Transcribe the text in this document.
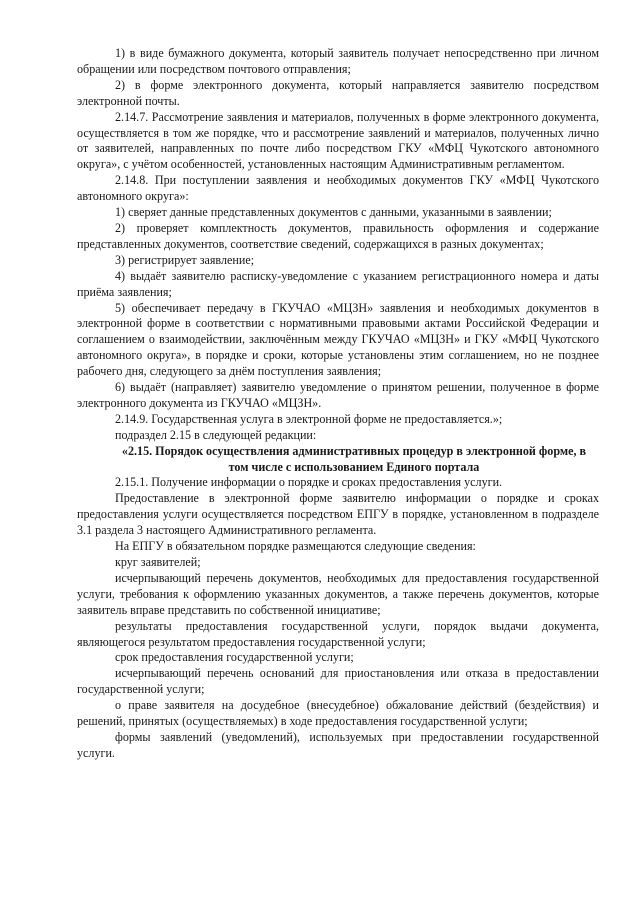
1) в виде бумажного документа, который заявитель получает непосредственно при личном обращении или посредством почтового отправления;

2) в форме электронного документа, который направляется заявителю посредством электронной почты.

2.14.7. Рассмотрение заявления и материалов, полученных в форме электронного документа, осуществляется в том же порядке, что и рассмотрение заявлений и материалов, полученных лично от заявителей, направленных по почте либо посредством ГКУ «МФЦ Чукотского автономного округа», с учётом особенностей, установленных настоящим Административным регламентом.

2.14.8. При поступлении заявления и необходимых документов ГКУ «МФЦ Чукотского автономного округа»:

1) сверяет данные представленных документов с данными, указанными в заявлении;

2) проверяет комплектность документов, правильность оформления и содержание представленных документов, соответствие сведений, содержащихся в разных документах;

3) регистрирует заявление;

4) выдаёт заявителю расписку-уведомление с указанием регистрационного номера и даты приёма заявления;

5) обеспечивает передачу в ГКУЧАО «МЦЗН» заявления и необходимых документов в электронной форме в соответствии с нормативными правовыми актами Российской Федерации и соглашением о взаимодействии, заключённым между ГКУЧАО «МЦЗН» и ГКУ «МФЦ Чукотского автономного округа», в порядке и сроки, которые установлены этим соглашением, но не позднее рабочего дня, следующего за днём поступления заявления;

6) выдаёт (направляет) заявителю уведомление о принятом решении, полученное в форме электронного документа из ГКУЧАО «МЦЗН».

2.14.9. Государственная услуга в электронной форме не предоставляется.»;

подраздел 2.15 в следующей редакции:

«2.15. Порядок осуществления административных процедур в электронной форме, в том числе с использованием Единого портала

2.15.1. Получение информации о порядке и сроках предоставления услуги.

Предоставление в электронной форме заявителю информации о порядке и сроках предоставления услуги осуществляется посредством ЕПГУ в порядке, установленном в подразделе 3.1 раздела 3 настоящего Административного регламента.

На ЕПГУ в обязательном порядке размещаются следующие сведения:

круг заявителей;

исчерпывающий перечень документов, необходимых для предоставления государственной услуги, требования к оформлению указанных документов, а также перечень документов, которые заявитель вправе представить по собственной инициативе;

результаты предоставления государственной услуги, порядок выдачи документа, являющегося результатом предоставления государственной услуги;

срок предоставления государственной услуги;

исчерпывающий перечень оснований для приостановления или отказа в предоставлении государственной услуги;

о праве заявителя на досудебное (внесудебное) обжалование действий (бездействия) и решений, принятых (осуществляемых) в ходе предоставления государственной услуги;

формы заявлений (уведомлений), используемых при предоставлении государственной услуги.
